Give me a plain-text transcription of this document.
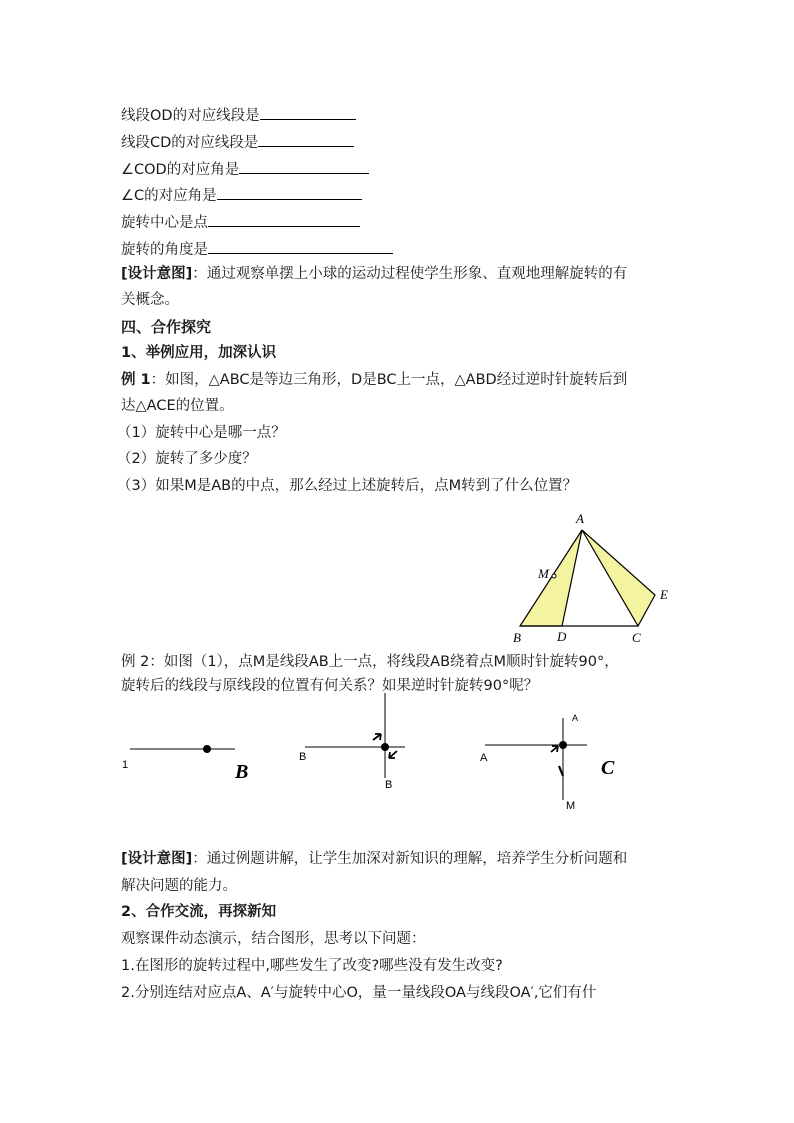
线段OD的对应线段是
线段CD的对应线段是
∠COD的对应角是
∠C的对应角是
旋转中心是点
旋转的角度是
[设计意图]：通过观察单摆上小球的运动过程使学生形象、直观地理解旋转的有
关概念。
四、合作探究
1、举例应用，加深认识
例 1：如图，△ABC是等边三角形，D是BC上一点，△ABD经过逆时针旋转后到
达△ACE的位置。
（1）旋转中心是哪一点？
（2）旋转了多少度？
（3）如果M是AB的中点，那么经过上述旋转后，点M转到了什么位置？
A
M
E
B	D	C
例 2：如图（1），点M是线段AB上一点，将线段AB绕着点M顺时针旋转90°，
旋转后的线段与原线段的位置有何关系？如果逆时针旋转90°呢？
1	B
B
B
A
A
M
C
[设计意图]：通过例题讲解，让学生加深对新知识的理解，培养学生分析问题和
解决问题的能力。
2、合作交流，再探新知
观察课件动态演示，结合图形，思考以下问题：
1.在图形的旋转过程中,哪些发生了改变?哪些没有发生改变?
2.分别连结对应点A、A′与旋转中心O，量一量线段OA与线段OA′,它们有什
